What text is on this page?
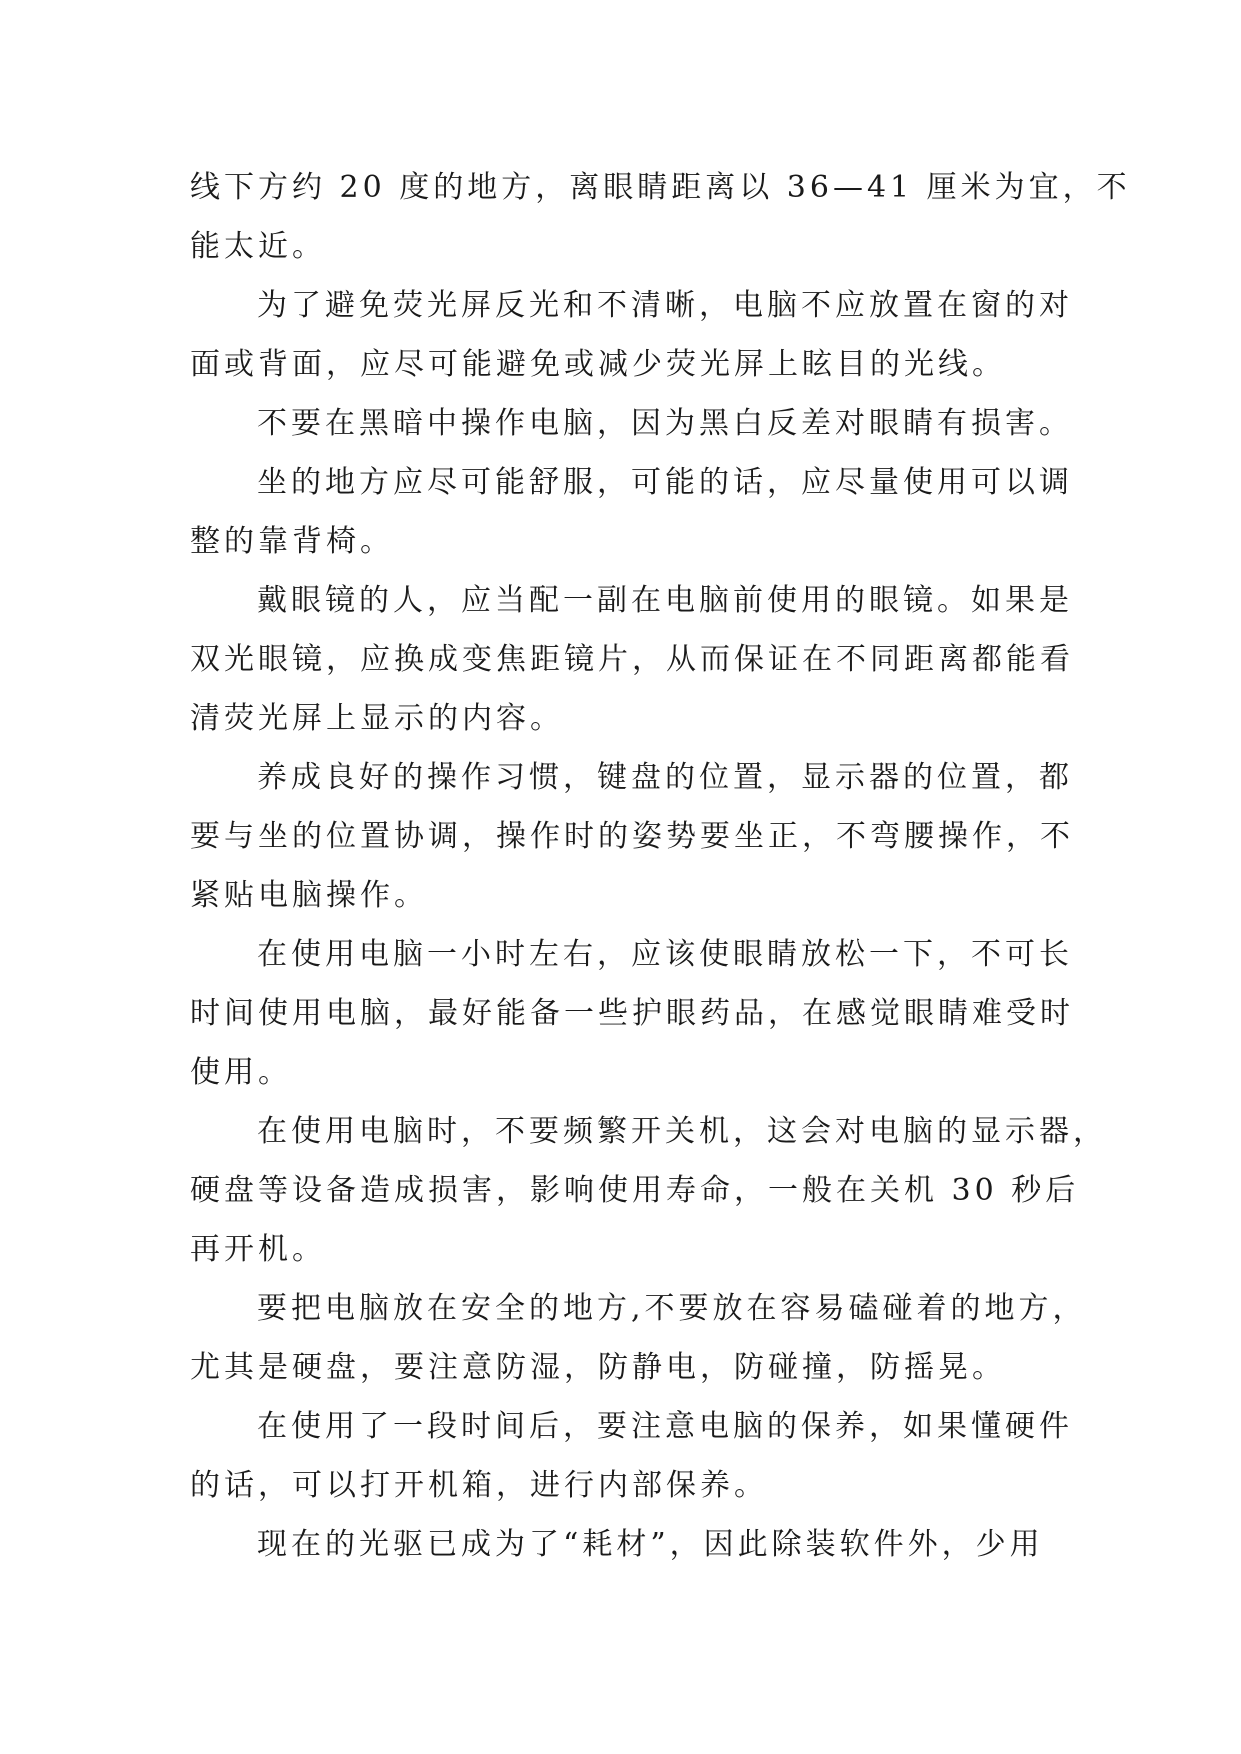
线下方约 20 度的地方，离眼睛距离以 36—41 厘米为宜，不
能太近。
为了避免荧光屏反光和不清晰，电脑不应放置在窗的对
面或背面，应尽可能避免或减少荧光屏上眩目的光线。
不要在黑暗中操作电脑，因为黑白反差对眼睛有损害。
坐的地方应尽可能舒服，可能的话，应尽量使用可以调
整的靠背椅。
戴眼镜的人，应当配一副在电脑前使用的眼镜。如果是
双光眼镜，应换成变焦距镜片，从而保证在不同距离都能看
清荧光屏上显示的内容。
养成良好的操作习惯，键盘的位置，显示器的位置，都
要与坐的位置协调，操作时的姿势要坐正，不弯腰操作，不
紧贴电脑操作。
在使用电脑一小时左右，应该使眼睛放松一下，不可长
时间使用电脑，最好能备一些护眼药品，在感觉眼睛难受时
使用。
在使用电脑时，不要频繁开关机，这会对电脑的显示器，
硬盘等设备造成损害，影响使用寿命，一般在关机 30 秒后
再开机。
要把电脑放在安全的地方,不要放在容易磕碰着的地方，
尤其是硬盘，要注意防湿，防静电，防碰撞，防摇晃。
在使用了一段时间后，要注意电脑的保养，如果懂硬件
的话，可以打开机箱，进行内部保养。
现在的光驱已成为了“耗材”，因此除装软件外，少用
